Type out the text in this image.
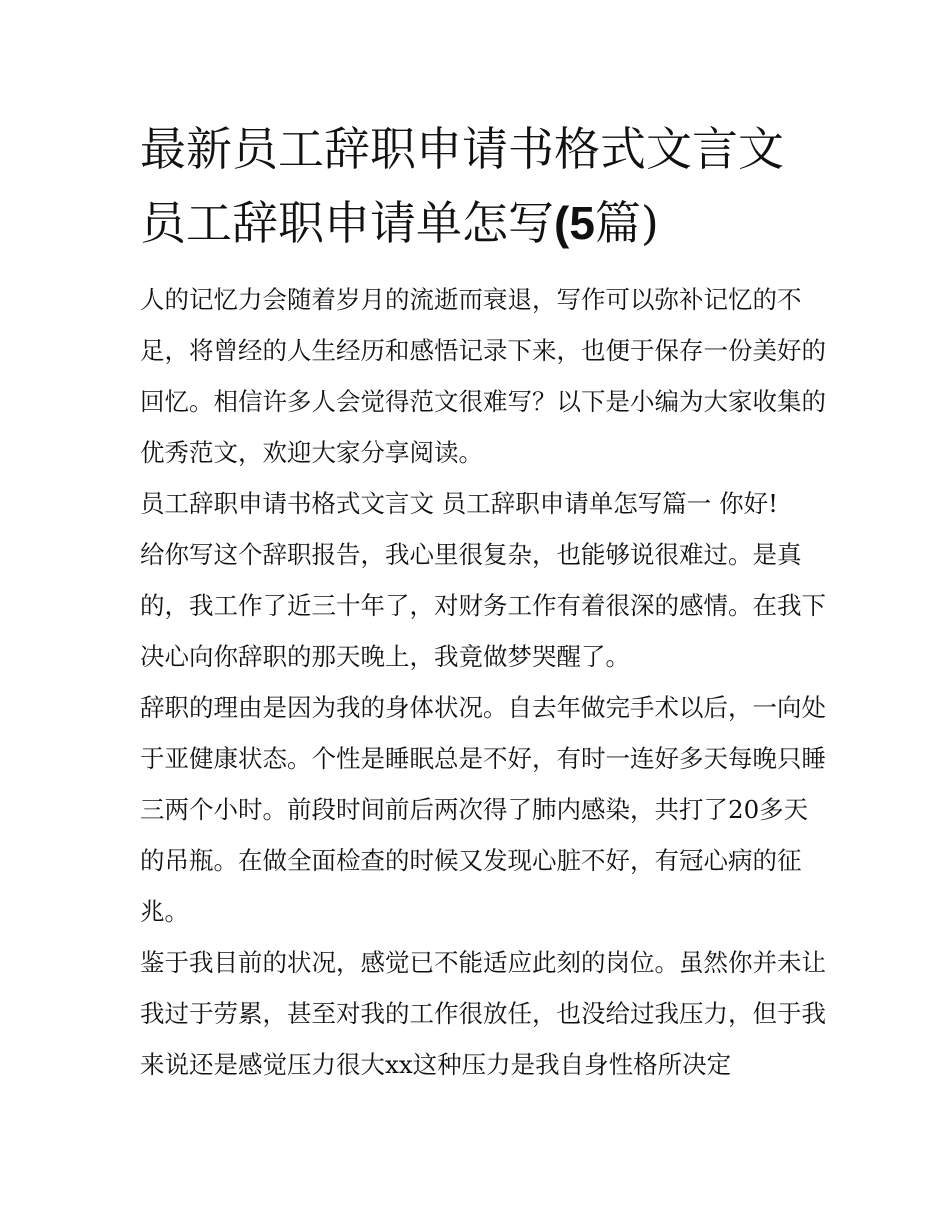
最新员工辞职申请书格式文言文 员工辞职申请单怎写(5篇)

人的记忆力会随着岁月的流逝而衰退，写作可以弥补记忆的不足，将曾经的人生经历和感悟记录下来，也便于保存一份美好的回忆。相信许多人会觉得范文很难写？以下是小编为大家收集的优秀范文，欢迎大家分享阅读。

员工辞职申请书格式文言文 员工辞职申请单怎写篇一 你好!

给你写这个辞职报告，我心里很复杂，也能够说很难过。是真的，我工作了近三十年了，对财务工作有着很深的感情。在我下决心向你辞职的那天晚上，我竟做梦哭醒了。

辞职的理由是因为我的身体状况。自去年做完手术以后，一向处于亚健康状态。个性是睡眠总是不好，有时一连好多天每晚只睡三两个小时。前段时间前后两次得了肺内感染，共打了20多天的吊瓶。在做全面检查的时候又发现心脏不好，有冠心病的征兆。

鉴于我目前的状况，感觉已不能适应此刻的岗位。虽然你并未让我过于劳累，甚至对我的工作很放任，也没给过我压力，但于我来说还是感觉压力很大xx这种压力是我自身性格所决定
